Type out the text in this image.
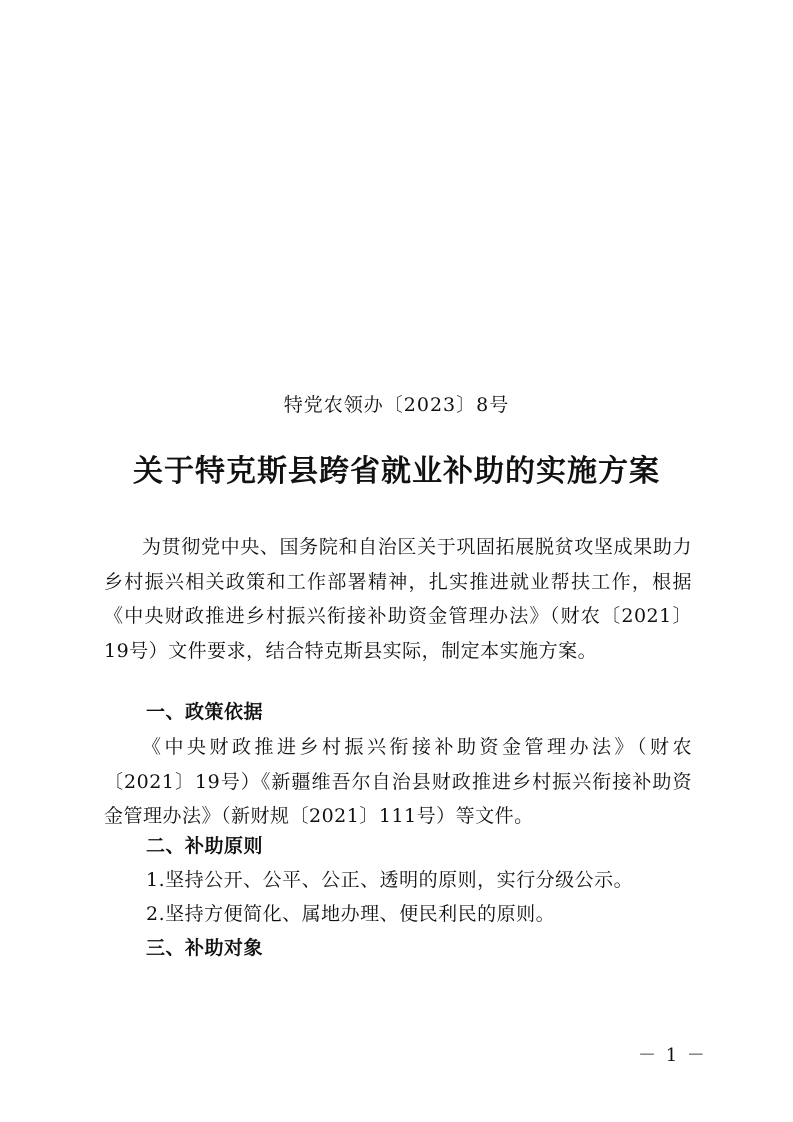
特党农领办〔2023〕8号
关于特克斯县跨省就业补助的实施方案
为贯彻党中央、国务院和自治区关于巩固拓展脱贫攻坚成果助力乡村振兴相关政策和工作部署精神，扎实推进就业帮扶工作，根据《中央财政推进乡村振兴衔接补助资金管理办法》（财农〔2021〕19号）文件要求，结合特克斯县实际，制定本实施方案。
一、政策依据
《中央财政推进乡村振兴衔接补助资金管理办法》（财农〔2021〕19号）《新疆维吾尔自治县财政推进乡村振兴衔接补助资金管理办法》（新财规〔2021〕111号）等文件。
二、补助原则
1.坚持公开、公平、公正、透明的原则，实行分级公示。
2.坚持方便简化、属地办理、便民利民的原则。
三、补助对象
－ 1 －
